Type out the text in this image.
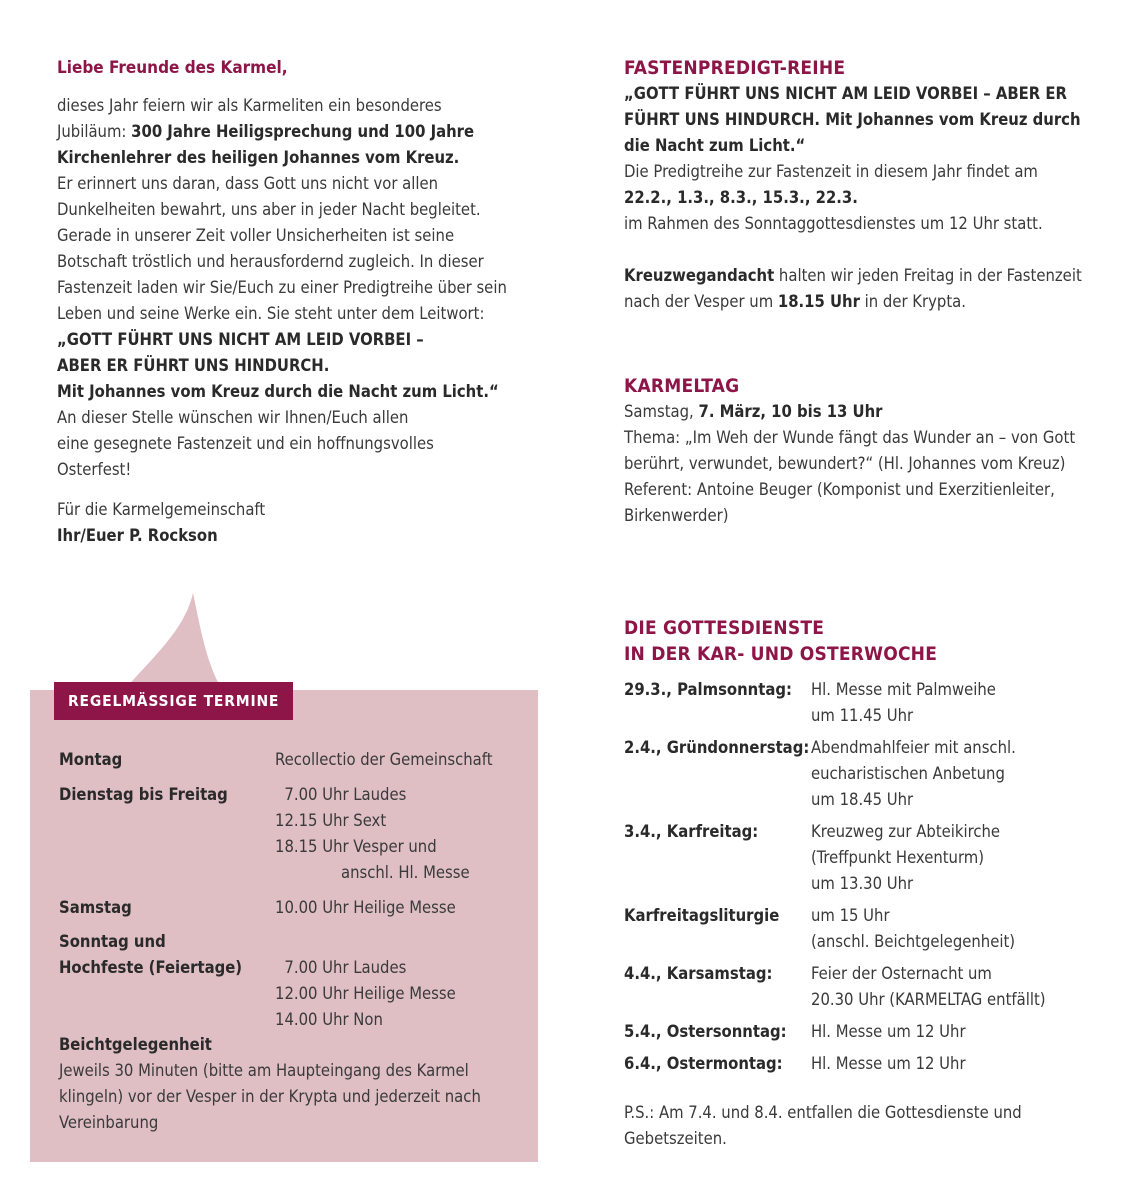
Liebe Freunde des Karmel,

dieses Jahr feiern wir als Karmeliten ein besonderes Jubiläum: 300 Jahre Heiligsprechung und 100 Jahre Kirchenlehrer des heiligen Johannes vom Kreuz.
Er erinnert uns daran, dass Gott uns nicht vor allen Dunkelheiten bewahrt, uns aber in jeder Nacht begleitet. Gerade in unserer Zeit voller Unsicherheiten ist seine Botschaft tröstlich und herausfordernd zugleich. In dieser Fastenzeit laden wir Sie/Euch zu einer Predigtreihe über sein Leben und seine Werke ein. Sie steht unter dem Leitwort:
„GOTT FÜHRT UNS NICHT AM LEID VORBEI –
ABER ER FÜHRT UNS HINDURCH.
Mit Johannes vom Kreuz durch die Nacht zum Licht.“
An dieser Stelle wünschen wir Ihnen/Euch allen
eine gesegnete Fastenzeit und ein hoffnungsvolles Osterfest!

Für die Karmelgemeinschaft
Ihr/Euer P. Rockson

REGELMÄSSIGE TERMINE
Montag	Recollectio der Gemeinschaft
Dienstag bis Freitag	7.00 Uhr Laudes
12.15 Uhr Sext
18.15 Uhr Vesper und
anschl. Hl. Messe
Samstag	10.00 Uhr Heilige Messe
Sonntag und
Hochfeste (Feiertage)	7.00 Uhr Laudes
12.00 Uhr Heilige Messe
14.00 Uhr Non
Beichtgelegenheit
Jeweils 30 Minuten (bitte am Haupteingang des Karmel klingeln) vor der Vesper in der Krypta und jederzeit nach Vereinbarung
FASTENPREDIGT-REIHE
„GOTT FÜHRT UNS NICHT AM LEID VORBEI – ABER ER FÜHRT UNS HINDURCH. Mit Johannes vom Kreuz durch die Nacht zum Licht.“
Die Predigtreihe zur Fastenzeit in diesem Jahr findet am
22.2., 1.3., 8.3., 15.3., 22.3.
im Rahmen des Sonntaggottesdienstes um 12 Uhr statt.
Kreuzwegandacht halten wir jeden Freitag in der Fastenzeit nach der Vesper um 18.15 Uhr in der Krypta.
KARMELTAG
Samstag, 7. März, 10 bis 13 Uhr
Thema: „Im Weh der Wunde fängt das Wunder an – von Gott berührt, verwundet, bewundert?“ (Hl. Johannes vom Kreuz)
Referent: Antoine Beuger (Komponist und Exerzitienleiter, Birkenwerder)
DIE GOTTESDIENSTE
IN DER KAR- UND OSTERWOCHE
29.3., Palmsonntag: Hl. Messe mit Palmweihe
um 11.45 Uhr
2.4., Gründonnerstag: Abendmahlfeier mit anschl.
eucharistischen Anbetung
um 18.45 Uhr
3.4., Karfreitag:	Kreuzweg zur Abteikirche
(Treffpunkt Hexenturm)
um 13.30 Uhr
Karfreitagsliturgie um 15 Uhr
(anschl. Beichtgelegenheit)
4.4., Karsamstag: Feier der Osternacht um
20.30 Uhr (KARMELTAG entfällt)
5.4., Ostersonntag: Hl. Messe um 12 Uhr
6.4., Ostermontag: Hl. Messe um 12 Uhr
P.S.: Am 7.4. und 8.4. entfallen die Gottesdienste und Gebetszeiten.
